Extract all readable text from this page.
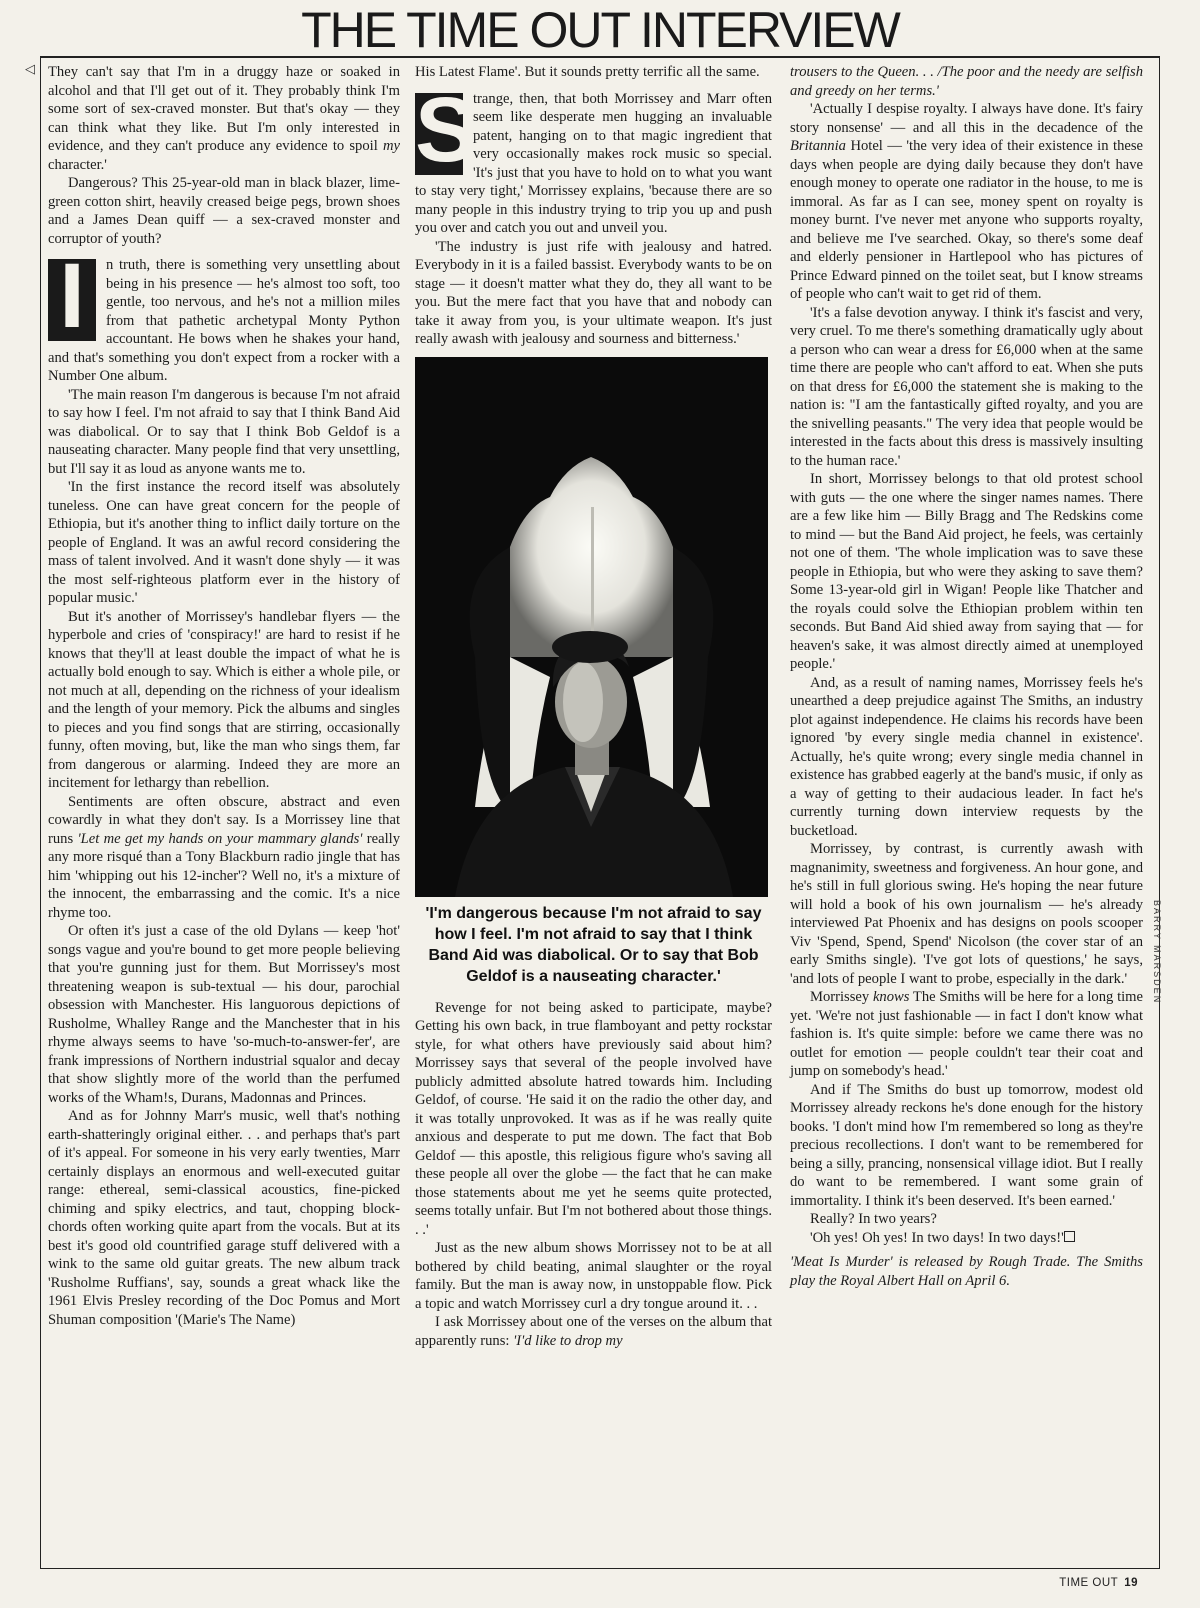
THE TIME OUT INTERVIEW
◁ They can't say that I'm in a druggy haze or soaked in alcohol and that I'll get out of it. They probably think I'm some sort of sex-craved monster. But that's okay — they can think what they like. But I'm only interested in evidence, and they can't produce any evidence to spoil my character.'

Dangerous? This 25-year-old man in black blazer, lime-green cotton shirt, heavily creased beige pegs, brown shoes and a James Dean quiff — a sex-craved monster and corruptor of youth?

I	n truth, there is something very unsettling about being in his presence — he's almost too soft, too gentle, too nervous, and he's not a million miles from that pathetic archetypal Monty Python accountant. He bows when he shakes your hand, and that's something you don't expect from a rocker with a Number One album.

'The main reason I'm dangerous is because I'm not afraid to say how I feel. I'm not afraid to say that I think Band Aid was diabolical. Or to say that I think Bob Geldof is a nauseating character. Many people find that very unsettling, but I'll say it as loud as anyone wants me to.

'In the first instance the record itself was absolutely tuneless. One can have great concern for the people of Ethiopia, but it's another thing to inflict daily torture on the people of England. It was an awful record considering the mass of talent involved. And it wasn't done shyly — it was the most self-righteous platform ever in the history of popular music.'

But it's another of Morrissey's handlebar flyers — the hyperbole and cries of 'conspiracy!' are hard to resist if he knows that they'll at least double the impact of what he is actually bold enough to say. Which is either a whole pile, or not much at all, depending on the richness of your idealism and the length of your memory. Pick the albums and singles to pieces and you find songs that are stirring, occasionally funny, often moving, but, like the man who sings them, far from dangerous or alarming. Indeed they are more an incitement for lethargy than rebellion.

Sentiments are often obscure, abstract and even cowardly in what they don't say. Is a Morrissey line that runs 'Let me get my hands on your mammary glands' really any more risqué than a Tony Blackburn radio jingle that has him 'whipping out his 12-incher'? Well no, it's a mixture of the innocent, the embarrassing and the comic. It's a nice rhyme too.

Or often it's just a case of the old Dylans — keep 'hot' songs vague and you're bound to get more people believing that you're gunning just for them. But Morrissey's most threatening weapon is sub-textual — his dour, parochial obsession with Manchester. His languorous depictions of Rusholme, Whalley Range and the Manchester that in his rhyme always seems to have 'so-much-to-answer-fer', are frank impressions of Northern industrial squalor and decay that show slightly more of the world than the perfumed works of the Wham!s, Durans, Madonnas and Princes.

And as for Johnny Marr's music, well that's nothing earth-shatteringly original either. . . and perhaps that's part of it's appeal. For someone in his very early twenties, Marr certainly displays an enormous and well-executed guitar range: ethereal, semi-classical acoustics, fine-picked chiming and spiky electrics, and taut, chopping block-chords often working quite apart from the vocals. But at its best it's good old countrified garage stuff delivered with a wink to the same old guitar greats. The new album track 'Rusholme Ruffians', say, sounds a great whack like the 1961 Elvis Presley recording of the Doc Pomus and Mort Shuman composition '(Marie's The Name)

His Latest Flame'. But it sounds pretty terrific all the same.

S
trange, then, that both Morrissey and Marr often seem like desperate men hugging an invaluable patent, hanging on to that magic ingredient that very occasionally makes rock music so special. 'It's just that you have to hold on to what you want to stay very tight,' Morrissey explains, 'because there are so many people in this industry trying to trip you up and push you over and catch you out and unveil you.

'The industry is just rife with jealousy and hatred. Everybody in it is a failed bassist. Everybody wants to be on stage — it doesn't matter what they do, they all want to be you. But the mere fact that you have that and nobody can take it away from you, is your ultimate weapon. It's just really awash with jealousy and sourness and bitterness.'

'I'm dangerous because I'm not afraid to say how I feel. I'm not afraid to say that I think Band Aid was diabolical. Or to say that Bob Geldof is a nauseating character.'

Revenge for not being asked to participate, maybe? Getting his own back, in true flamboyant and petty rockstar style, for what others have previously said about him? Morrissey says that several of the people involved have publicly admitted absolute hatred towards him. Including Geldof, of course. 'He said it on the radio the other day, and it was totally unprovoked. It was as if he was really quite anxious and desperate to put me down. The fact that Bob Geldof — this apostle, this religious figure who's saving all these people all over the globe — the fact that he can make those statements about me yet he seems quite protected, seems totally unfair. But I'm not bothered about those things. . .'

Just as the new album shows Morrissey not to be at all bothered by child beating, animal slaughter or the royal family. But the man is away now, in unstoppable flow. Pick a topic and watch Morrissey curl a dry tongue around it. . .

I ask Morrissey about one of the verses on the album that apparently runs: 'I'd like to drop my

trousers to the Queen. . . /The poor and the needy are selfish and greedy on her terms.'

'Actually I despise royalty. I always have done. It's fairy story nonsense' — and all this in the decadence of the Britannia Hotel — 'the very idea of their existence in these days when people are dying daily because they don't have enough money to operate one radiator in the house, to me is immoral. As far as I can see, money spent on royalty is money burnt. I've never met anyone who supports royalty, and believe me I've searched. Okay, so there's some deaf and elderly pensioner in Hartlepool who has pictures of Prince Edward pinned on the toilet seat, but I know streams of people who can't wait to get rid of them.

'It's a false devotion anyway. I think it's fascist and very, very cruel. To me there's something dramatically ugly about a person who can wear a dress for £6,000 when at the same time there are people who can't afford to eat. When she puts on that dress for £6,000 the statement she is making to the nation is: "I am the fantastically gifted royalty, and you are the snivelling peasants." The very idea that people would be interested in the facts about this dress is massively insulting to the human race.'

In short, Morrissey belongs to that old protest school with guts — the one where the singer names names. There are a few like him — Billy Bragg and The Redskins come to mind — but the Band Aid project, he feels, was certainly not one of them. 'The whole implication was to save these people in Ethiopia, but who were they asking to save them? Some 13-year-old girl in Wigan! People like Thatcher and the royals could solve the Ethiopian problem within ten seconds. But Band Aid shied away from saying that — for heaven's sake, it was almost directly aimed at unemployed people.'

And, as a result of naming names, Morrissey feels he's unearthed a deep prejudice against The Smiths, an industry plot against independence. He claims his records have been ignored 'by every single media channel in existence'. Actually, he's quite wrong; every single media channel in existence has grabbed eagerly at the band's music, if only as a way of getting to their audacious leader. In fact he's currently turning down interview requests by the bucketload.

Morrissey, by contrast, is currently awash with magnanimity, sweetness and forgiveness. An hour gone, and he's still in full glorious swing. He's hoping the near future will hold a book of his own journalism — he's already interviewed Pat Phoenix and has designs on pools scooper Viv 'Spend, Spend, Spend' Nicolson (the cover star of an early Smiths single). 'I've got lots of questions,' he says, 'and lots of people I want to probe, especially in the dark.'

Morrissey knows The Smiths will be here for a long time yet. 'We're not just fashionable — in fact I don't know what fashion is. It's quite simple: before we came there was no outlet for emotion — people couldn't tear their coat and jump on somebody's head.'

And if The Smiths do bust up tomorrow, modest old Morrissey already reckons he's done enough for the history books. 'I don't mind how I'm remembered so long as they're precious recollections. I don't want to be remembered for being a silly, prancing, nonsensical village idiot. But I really do want to be remembered. I want some grain of immortality. I think it's been deserved. It's been earned.'

Really? In two years?

'Oh yes! Oh yes! In two days! In two days!'

'Meat Is Murder' is released by Rough Trade. The Smiths play the Royal Albert Hall on April 6.

BARRY MARSDEN
TIME OUT 19
